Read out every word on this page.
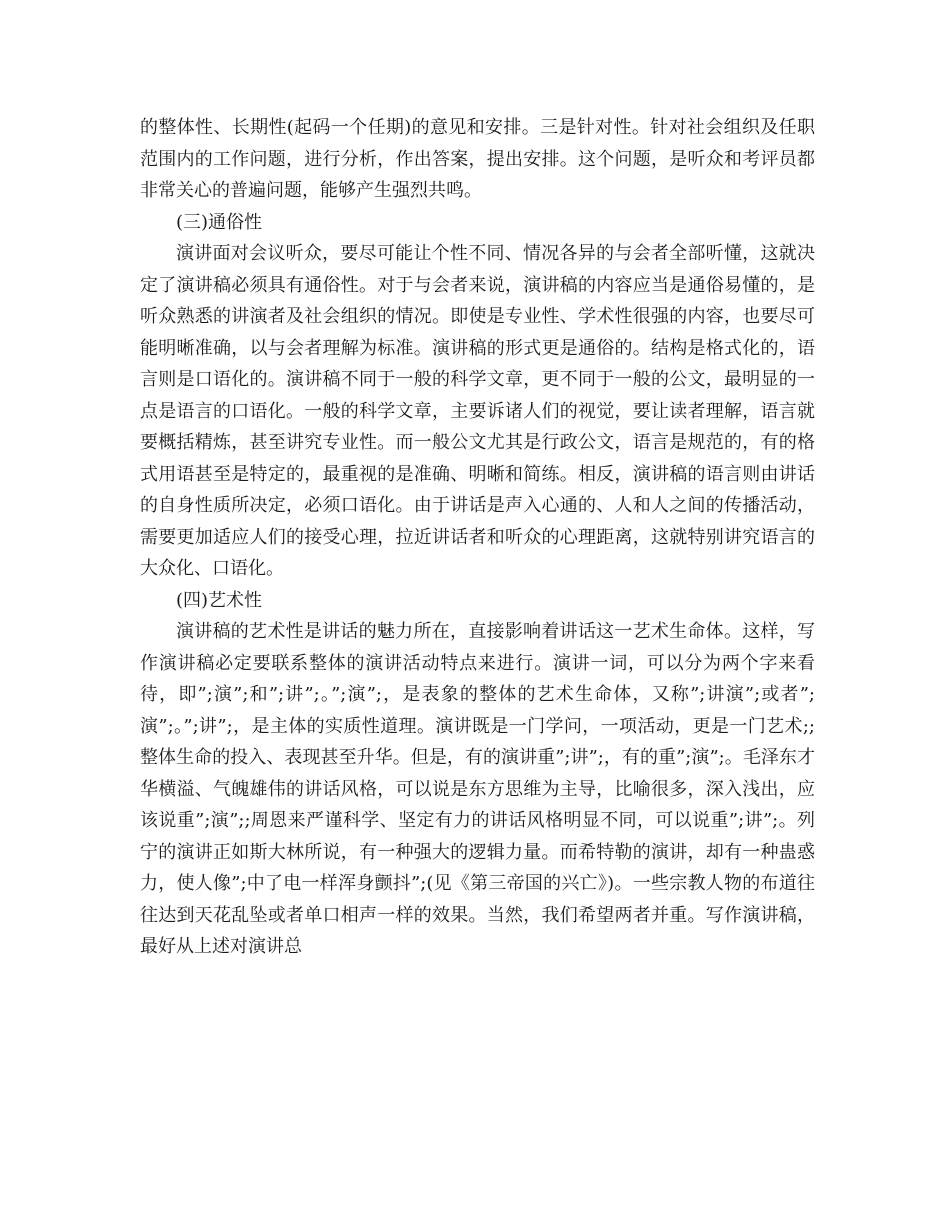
的整体性、长期性(起码一个任期)的意见和安排。三是针对性。针对社会组织及任职范围内的工作问题，进行分析，作出答案，提出安排。这个问题，是听众和考评员都非常关心的普遍问题，能够产生强烈共鸣。

(三)通俗性

演讲面对会议听众，要尽可能让个性不同、情况各异的与会者全部听懂，这就决定了演讲稿必须具有通俗性。对于与会者来说，演讲稿的内容应当是通俗易懂的，是听众熟悉的讲演者及社会组织的情况。即使是专业性、学术性很强的内容，也要尽可能明晰准确，以与会者理解为标准。演讲稿的形式更是通俗的。结构是格式化的，语言则是口语化的。演讲稿不同于一般的科学文章，更不同于一般的公文，最明显的一点是语言的口语化。一般的科学文章，主要诉诸人们的视觉，要让读者理解，语言就要概括精炼，甚至讲究专业性。而一般公文尤其是行政公文，语言是规范的，有的格式用语甚至是特定的，最重视的是准确、明晰和简练。相反，演讲稿的语言则由讲话的自身性质所决定，必须口语化。由于讲话是声入心通的、人和人之间的传播活动，需要更加适应人们的接受心理，拉近讲话者和听众的心理距离，这就特别讲究语言的大众化、口语化。

(四)艺术性

演讲稿的艺术性是讲话的魅力所在，直接影响着讲话这一艺术生命体。这样，写作演讲稿必定要联系整体的演讲活动特点来进行。演讲一词，可以分为两个字来看待，即”;演”;和”;讲”;。”;演”;，是表象的整体的艺术生命体，又称”;讲演”;或者”;演”;。”;讲”;，是主体的实质性道理。演讲既是一门学问，一项活动，更是一门艺术;;整体生命的投入、表现甚至升华。但是，有的演讲重”;讲”;，有的重”;演”;。毛泽东才华横溢、气魄雄伟的讲话风格，可以说是东方思维为主导，比喻很多，深入浅出，应该说重”;演”;;周恩来严谨科学、坚定有力的讲话风格明显不同，可以说重”;讲”;。列宁的演讲正如斯大林所说，有一种强大的逻辑力量。而希特勒的演讲，却有一种蛊惑力，使人像”;中了电一样浑身颤抖”;(见《第三帝国的兴亡》)。一些宗教人物的布道往往达到天花乱坠或者单口相声一样的效果。当然，我们希望两者并重。写作演讲稿，最好从上述对演讲总
